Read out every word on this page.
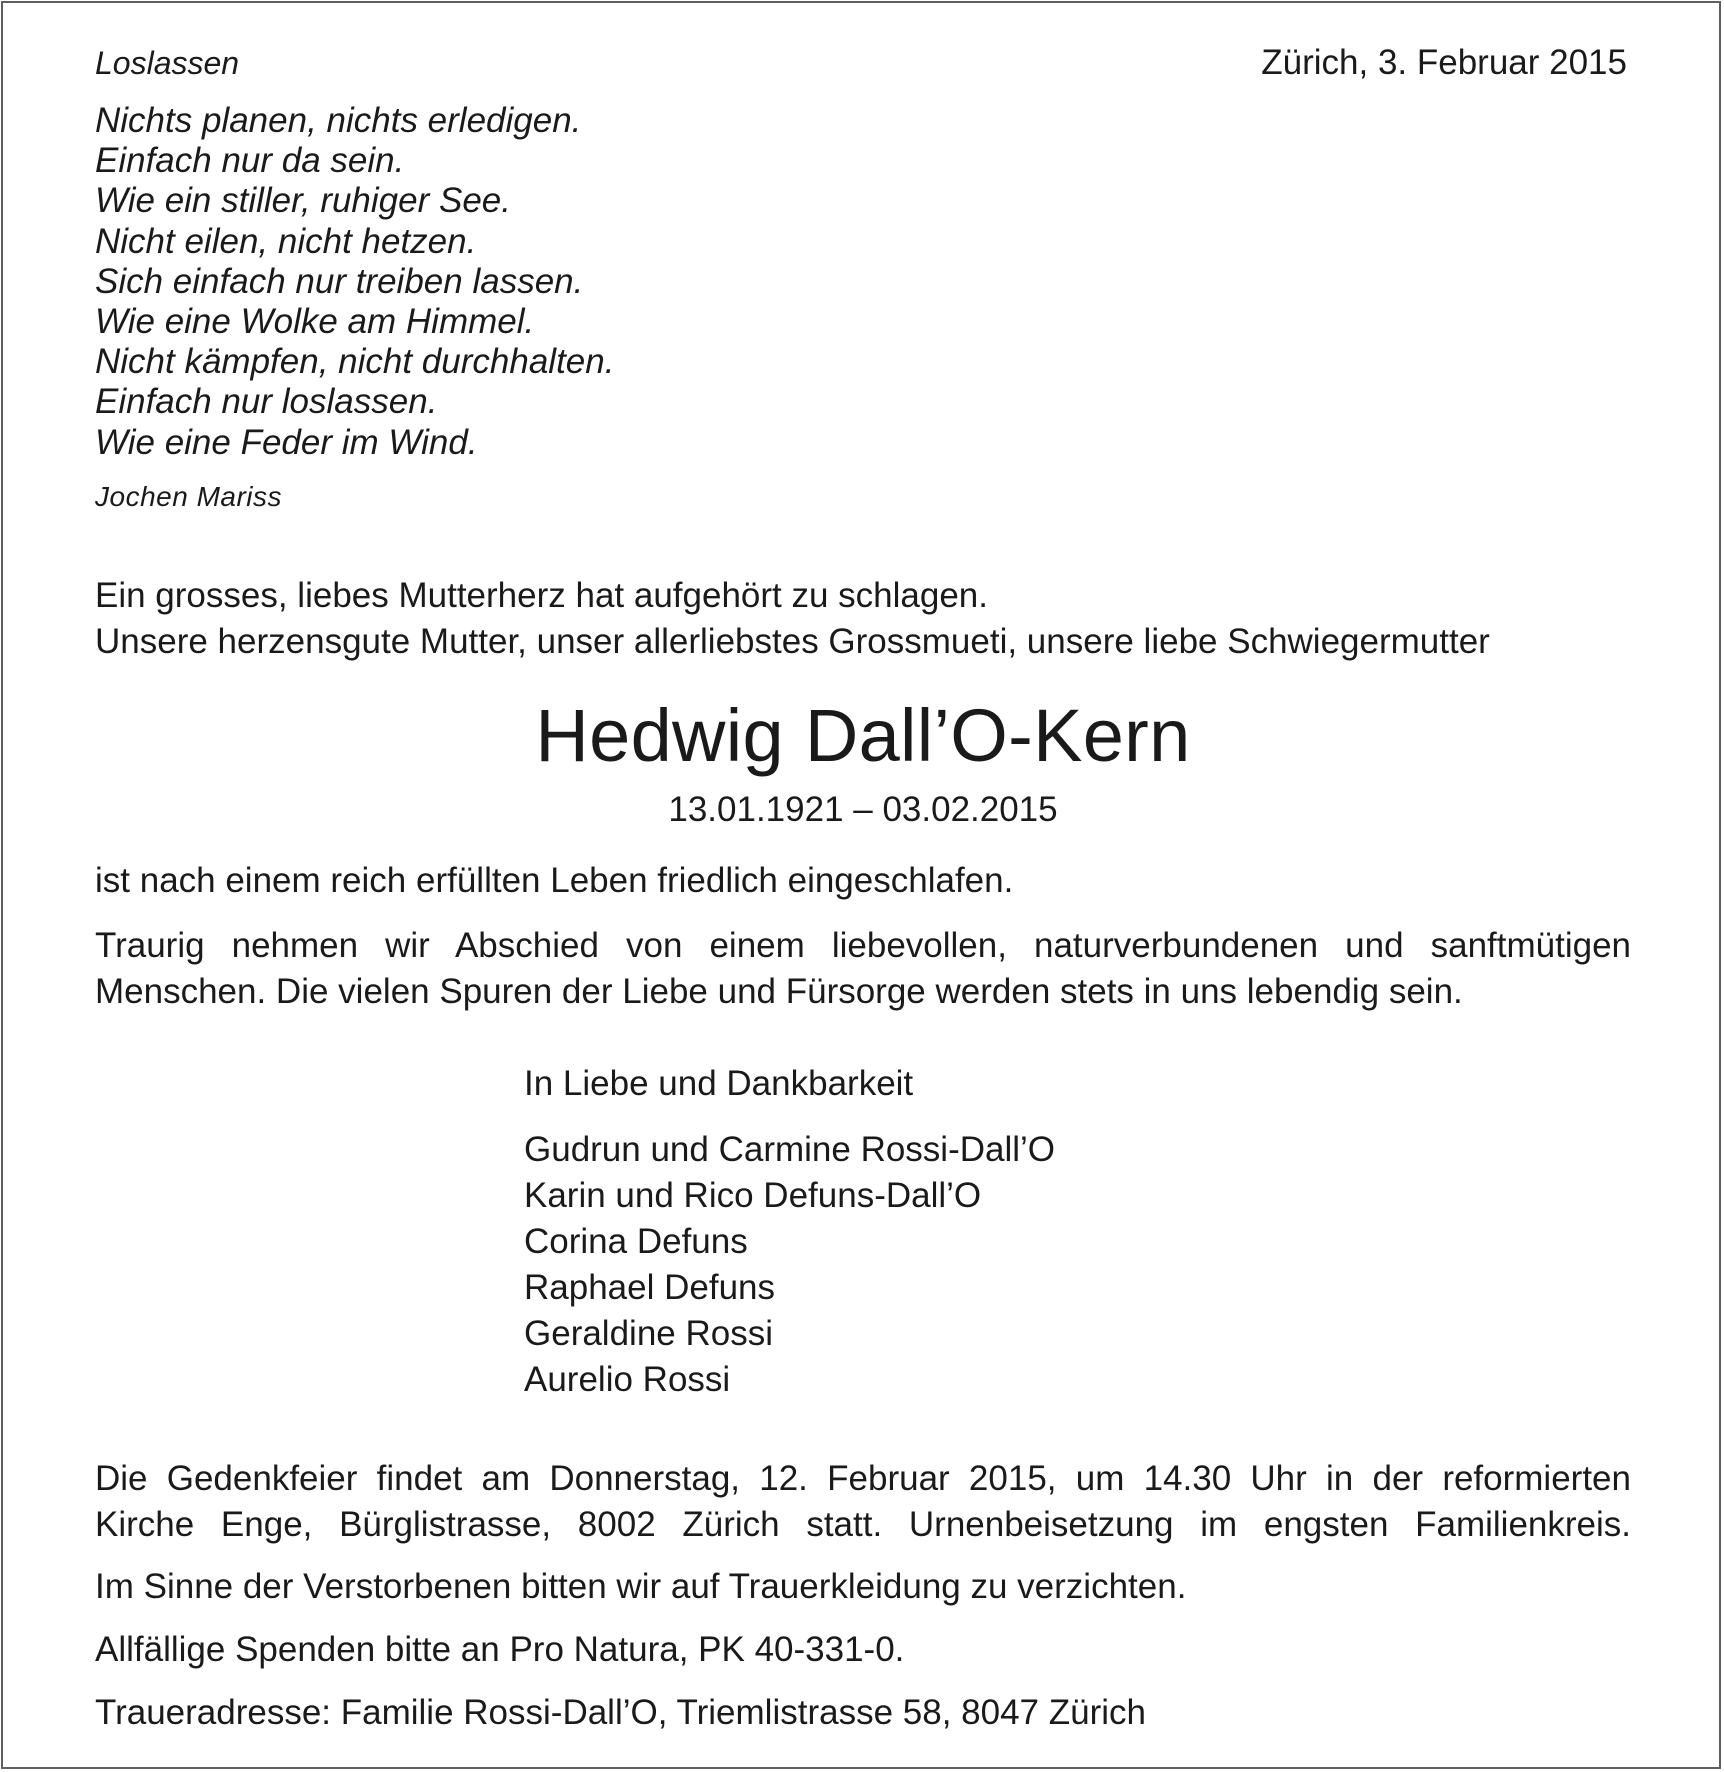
Loslassen	Zürich, 3. Februar 2015
Nichts planen, nichts erledigen.
Einfach nur da sein.
Wie ein stiller, ruhiger See.
Nicht eilen, nicht hetzen.
Sich einfach nur treiben lassen.
Wie eine Wolke am Himmel.
Nicht kämpfen, nicht durchhalten.
Einfach nur loslassen.
Wie eine Feder im Wind.
Jochen Mariss
Ein grosses, liebes Mutterherz hat aufgehört zu schlagen.
Unsere herzensgute Mutter, unser allerliebstes Grossmueti, unsere liebe Schwiegermutter
Hedwig Dall’O-Kern
13.01.1921 – 03.02.2015
ist nach einem reich erfüllten Leben friedlich eingeschlafen.
Traurig nehmen wir Abschied von einem liebevollen, naturverbundenen und sanftmütigen
Menschen. Die vielen Spuren der Liebe und Fürsorge werden stets in uns lebendig sein.
In Liebe und Dankbarkeit
Gudrun und Carmine Rossi-Dall’O
Karin und Rico Defuns-Dall’O
Corina Defuns
Raphael Defuns
Geraldine Rossi
Aurelio Rossi
Die Gedenkfeier findet am Donnerstag, 12. Februar 2015, um 14.30 Uhr in der reformierten
Kirche Enge, Bürglistrasse, 8002 Zürich statt. Urnenbeisetzung im engsten Familienkreis.
Im Sinne der Verstorbenen bitten wir auf Trauerkleidung zu verzichten.
Allfällige Spenden bitte an Pro Natura, PK 40-331-0.
Traueradresse: Familie Rossi-Dall’O, Triemlistrasse 58, 8047 Zürich
